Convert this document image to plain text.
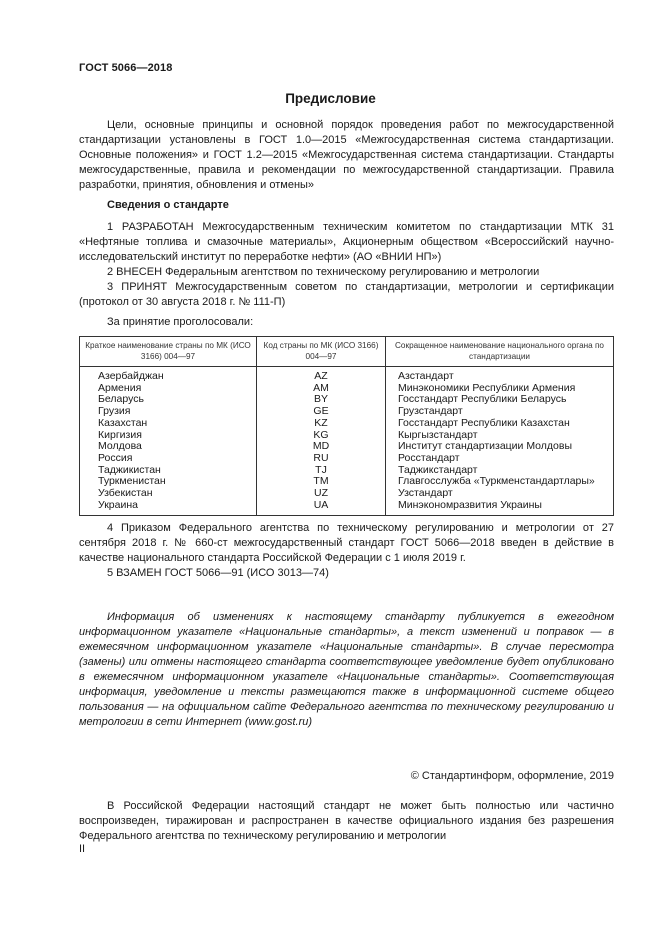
ГОСТ 5066—2018
Предисловие

Цели, основные принципы и основной порядок проведения работ по межгосударственной стандартизации установлены в ГОСТ 1.0—2015 «Межгосударственная система стандартизации. Основные положения» и ГОСТ 1.2—2015 «Межгосударственная система стандартизации. Стандарты межгосударственные, правила и рекомендации по межгосударственной стандартизации. Правила разработки, принятия, обновления и отмены»

Сведения о стандарте

1 РАЗРАБОТАН Межгосударственным техническим комитетом по стандартизации МТК 31 «Нефтяные топлива и смазочные материалы», Акционерным обществом «Всероссийский научно-исследовательский институт по переработке нефти» (АО «ВНИИ НП»)

2 ВНЕСЕН Федеральным агентством по техническому регулированию и метрологии

3 ПРИНЯТ Межгосударственным советом по стандартизации, метрологии и сертификации (протокол от 30 августа 2018 г. № 111-П)

За принятие проголосовали:

Краткое наименование страны по МК (ИСО 3166) 004—97	Код страны по МК (ИСО 3166) 004—97	Сокращенное наименование национального органа по стандартизации
Азербайджан	AZ	Азстандарт
Армения	AM	Минэкономики Республики Армения
Беларусь	BY	Госстандарт Республики Беларусь
Грузия	GE	Грузстандарт
Казахстан	KZ	Госстандарт Республики Казахстан
Киргизия	KG	Кыргызстандарт
Молдова	MD	Институт стандартизации Молдовы
Россия	RU	Росстандарт
Таджикистан	TJ	Таджикстандарт
Туркменистан	TM	Главгосслужба «Туркменстандартлары»
Узбекистан	UZ	Узстандарт
Украина	UA	Минэкономразвития Украины

4 Приказом Федерального агентства по техническому регулированию и метрологии от 27 сентября 2018 г. № 660-ст межгосударственный стандарт ГОСТ 5066—2018 введен в действие в качестве национального стандарта Российской Федерации с 1 июля 2019 г.

5 ВЗАМЕН ГОСТ 5066—91 (ИСО 3013—74)

Информация об изменениях к настоящему стандарту публикуется в ежегодном информационном указателе «Национальные стандарты», а текст изменений и поправок — в ежемесячном информационном указателе «Национальные стандарты». В случае пересмотра (замены) или отмены настоящего стандарта соответствующее уведомление будет опубликовано в ежемесячном информационном указателе «Национальные стандарты». Соответствующая информация, уведомление и тексты размещаются также в информационной системе общего пользования — на официальном сайте Федерального агентства по техническому регулированию и метрологии в сети Интернет (www.gost.ru)

© Стандартинформ, оформление, 2019

В Российской Федерации настоящий стандарт не может быть полностью или частично воспроизведен, тиражирован и распространен в качестве официального издания без разрешения Федерального агентства по техническому регулированию и метрологии

II
